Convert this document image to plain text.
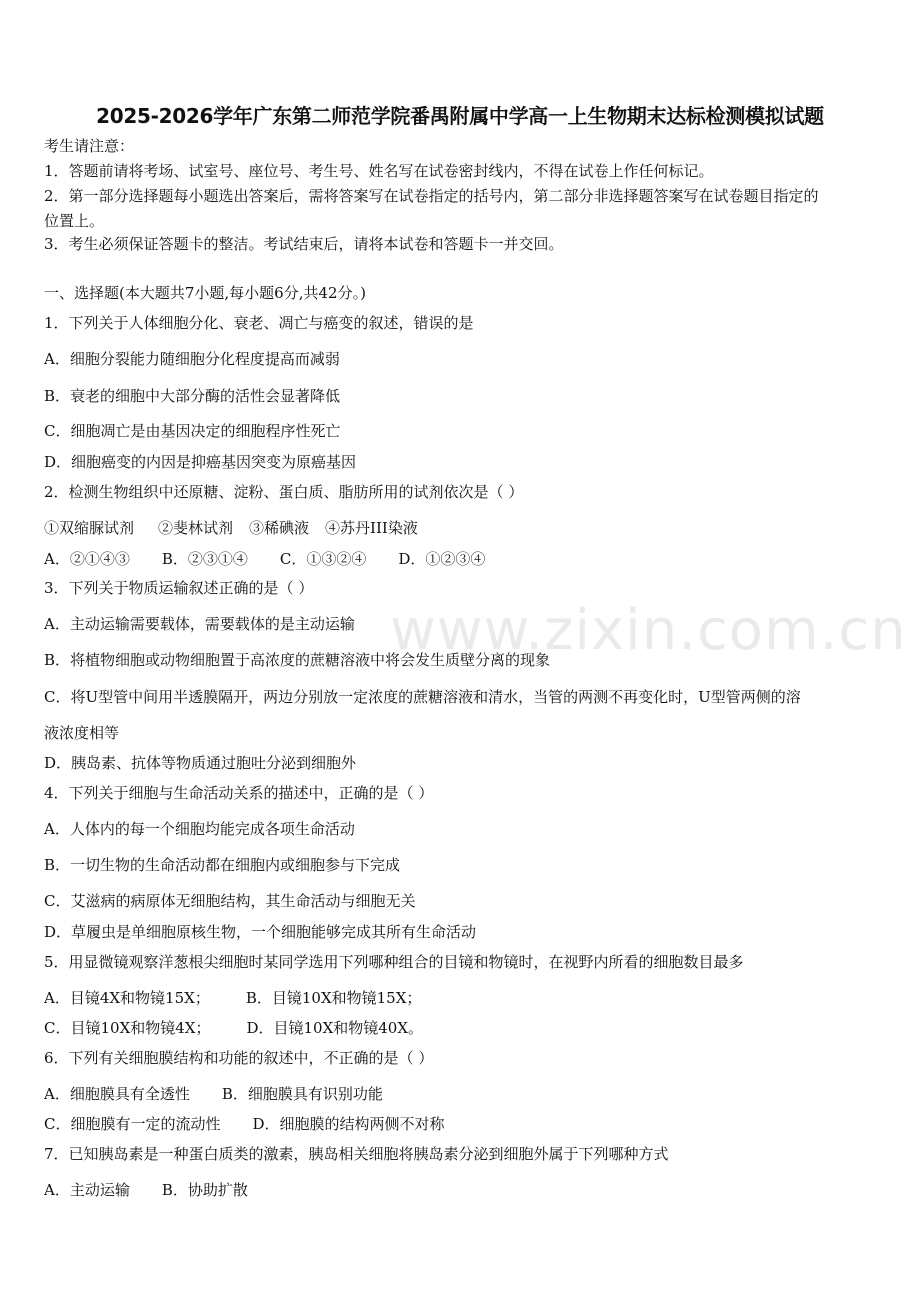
2025-2026学年广东第二师范学院番禺附属中学高一上生物期末达标检测模拟试题
考生请注意：
1．答题前请将考场、试室号、座位号、考生号、姓名写在试卷密封线内，不得在试卷上作任何标记。
2．第一部分选择题每小题选出答案后，需将答案写在试卷指定的括号内，第二部分非选择题答案写在试卷题目指定的
位置上。
3．考生必须保证答题卡的整洁。考试结束后，请将本试卷和答题卡一并交回。
一、选择题(本大题共7小题,每小题6分,共42分。)
1．下列关于人体细胞分化、衰老、凋亡与癌变的叙述，错误的是
A．细胞分裂能力随细胞分化程度提高而减弱
B．衰老的细胞中大部分酶的活性会显著降低
C．细胞凋亡是由基因决定的细胞程序性死亡
D．细胞癌变的内因是抑癌基因突变为原癌基因
2．检测生物组织中还原糖、淀粉、蛋白质、脂肪所用的试剂依次是（ ）
①双缩脲试剂 ②斐林试剂 ③稀碘液 ④苏丹III染液
A．②①④③ B．②③①④ C．①③②④ D．①②③④
3．下列关于物质运输叙述正确的是（ ）
A．主动运输需要载体，需要载体的是主动运输
B．将植物细胞或动物细胞置于高浓度的蔗糖溶液中将会发生质壁分离的现象
C．将U型管中间用半透膜隔开，两边分别放一定浓度的蔗糖溶液和清水，当管的两测不再变化时，U型管两侧的溶
液浓度相等
D．胰岛素、抗体等物质通过胞吐分泌到细胞外
4．下列关于细胞与生命活动关系的描述中，正确的是（ ）
A．人体内的每一个细胞均能完成各项生命活动
B．一切生物的生命活动都在细胞内或细胞参与下完成
C．艾滋病的病原体无细胞结构，其生命活动与细胞无关
D．草履虫是单细胞原核生物，一个细胞能够完成其所有生命活动
5．用显微镜观察洋葱根尖细胞时某同学选用下列哪种组合的目镜和物镜时，在视野内所看的细胞数目最多
A．目镜4X和物镜15X； B．目镜10X和物镜15X；
C．目镜10X和物镜4X； D．目镜10X和物镜40X。
6．下列有关细胞膜结构和功能的叙述中，不正确的是（ ）
A．细胞膜具有全透性 B．细胞膜具有识别功能
C．细胞膜有一定的流动性 D．细胞膜的结构两侧不对称
7．已知胰岛素是一种蛋白质类的激素，胰岛相关细胞将胰岛素分泌到细胞外属于下列哪种方式
A．主动运输 B．协助扩散
www.zixin.com.cn
